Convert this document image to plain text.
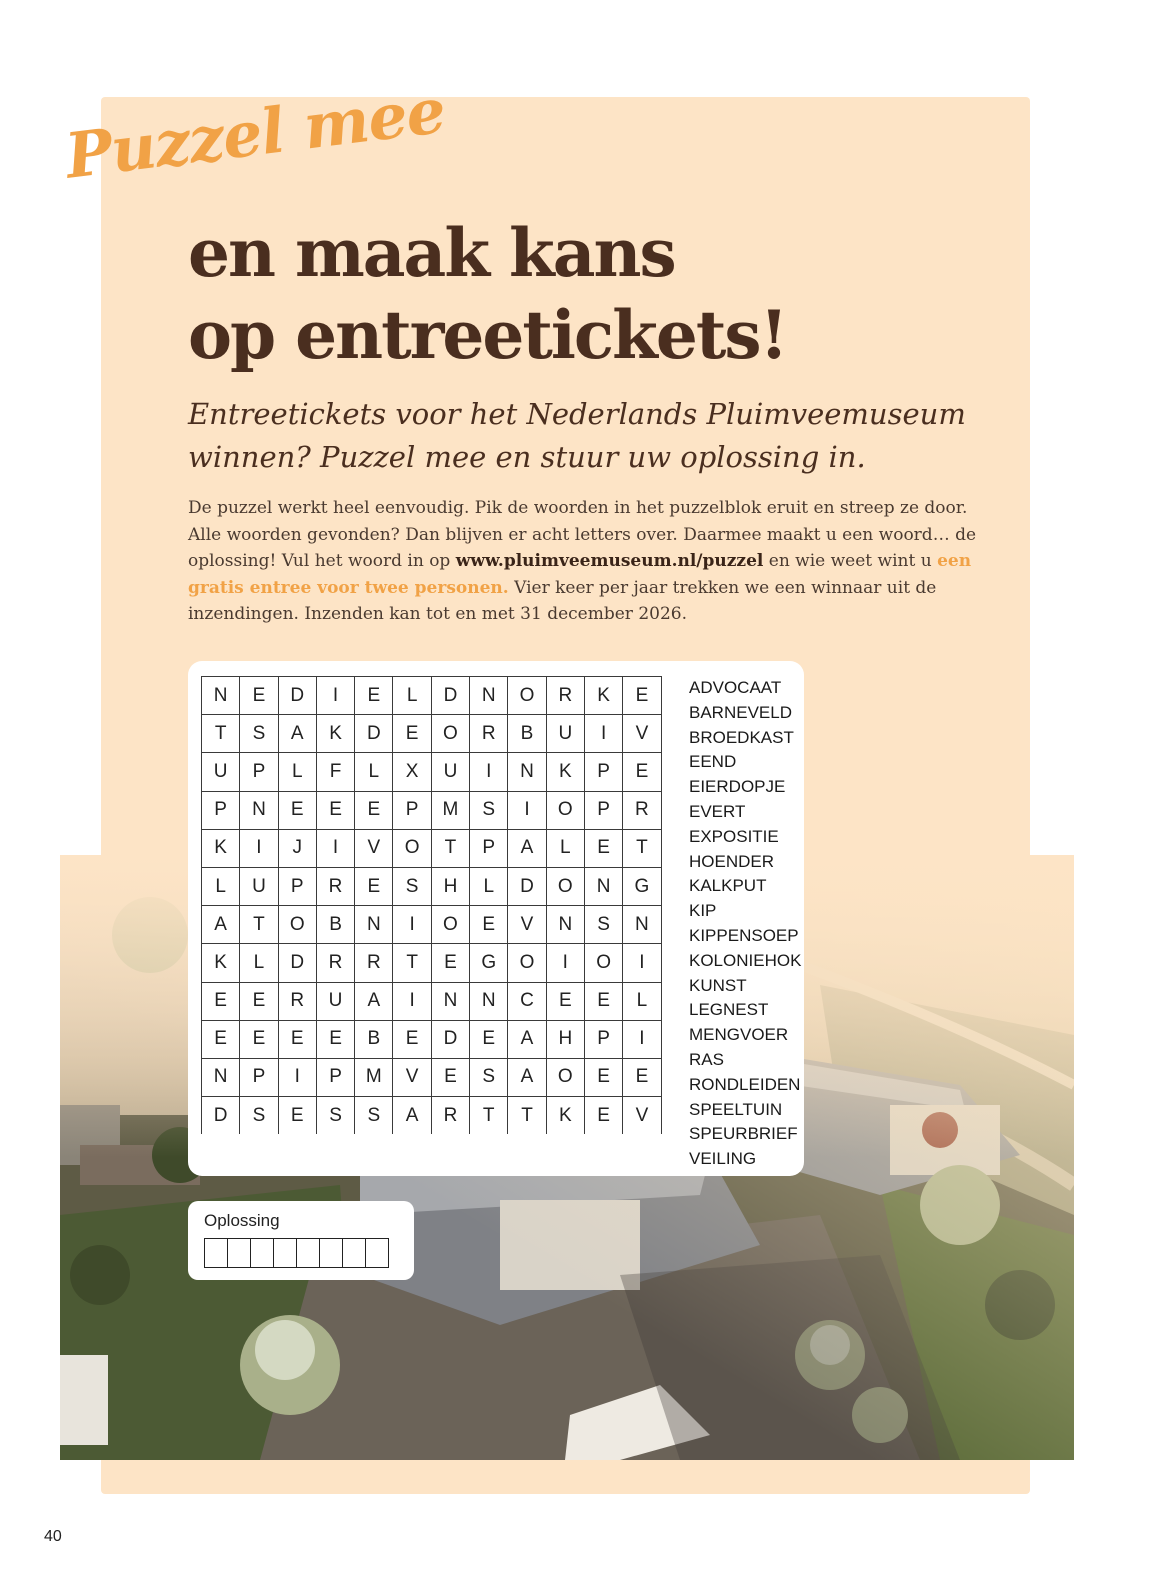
Puzzel mee
en maak kans
op entreetickets!
Entreetickets voor het Nederlands Pluimveemuseum
winnen? Puzzel mee en stuur uw oplossing in.

De puzzel werkt heel eenvoudig. Pik de woorden in het puzzelblok eruit en streep ze door. Alle woorden gevonden? Dan blijven er acht letters over. Daarmee maakt u een woord… de oplossing! Vul het woord in op www.pluimveemuseum.nl/puzzel en wie weet wint u een gratis entree voor twee personen. Vier keer per jaar trekken we een winnaar uit de inzendingen. Inzenden kan tot en met 31 december 2026.

N	E	D	I	E	L	D	N	O	R	K	E
T	S	A	K	D	E	O	R	B	U	I	V
U	P	L	F	L	X	U	I	N	K	P	E
P	N	E	E	E	P	M	S	I	O	P	R
K	I	J	I	V	O	T	P	A	L	E	T
L	U	P	R	E	S	H	L	D	O	N	G
A	T	O	B	N	I	O	E	V	N	S	N
K	L	D	R	R	T	E	G	O	I	O	I
E	E	R	U	A	I	N	N	C	E	E	L
E	E	E	E	B	E	D	E	A	H	P	I
N	P	I	P	M	V	E	S	A	O	E	E
D	S	E	S	S	A	R	T	T	K	E	V
ADVOCAAT
BARNEVELD
BROEDKAST
EEND
EIERDOPJE
EVERT
EXPOSITIE
HOENDER
KALKPUT
KIP
KIPPENSOEP
KOLONIEHOK
KUNST
LEGNEST
MENGVOER
RAS
RONDLEIDEN
SPEELTUIN
SPEURBRIEF
VEILING
Oplossing
40
